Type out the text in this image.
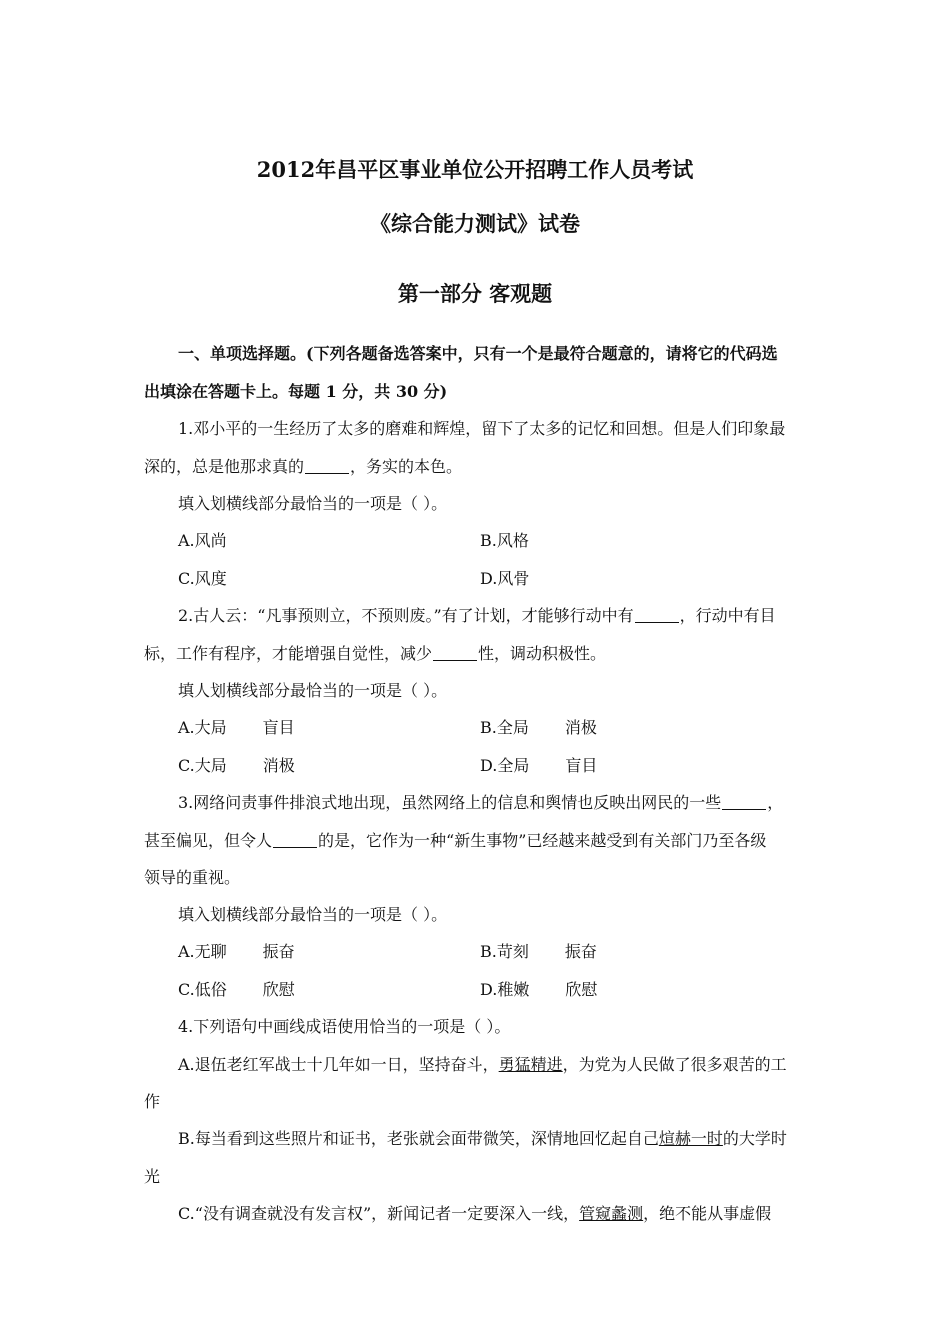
2012年昌平区事业单位公开招聘工作人员考试
《综合能力测试》试卷
第一部分 客观题
一、单项选择题。(下列各题备选答案中，只有一个是最符合题意的，请将它的代码选
出填涂在答题卡上。每题 1 分，共 30 分)
1.邓小平的一生经历了太多的磨难和辉煌，留下了太多的记忆和回想。但是人们印象最
深的，总是他那求真的	，务实的本色。
填入划横线部分最恰当的一项是（ ）。
A.风尚	B.风格
C.风度	D.风骨
2.古人云：“凡事预则立，不预则废。”有了计划，才能够行动中有	，行动中有目
标，工作有程序，才能增强自觉性，减少	性，调动积极性。
填人划横线部分最恰当的一项是（ ）。
A.大局 盲目	B.全局 消极
C.大局 消极	D.全局 盲目
3.网络问责事件排浪式地出现，虽然网络上的信息和舆情也反映出网民的一些	，
甚至偏见，但令人	的是，它作为一种“新生事物”已经越来越受到有关部门乃至各级
领导的重视。
填入划横线部分最恰当的一项是（ ）。
A.无聊 振奋	B.苛刻 振奋
C.低俗 欣慰	D.稚嫩 欣慰
4.下列语句中画线成语使用恰当的一项是（ ）。
A.退伍老红军战士十几年如一日，坚持奋斗，勇猛精进，为党为人民做了很多艰苦的工
作
B.每当看到这些照片和证书，老张就会面带微笑，深情地回忆起自己煊赫一时的大学时
光
C.“没有调查就没有发言权”，新闻记者一定要深入一线，管窥蠡测，绝不能从事虚假
